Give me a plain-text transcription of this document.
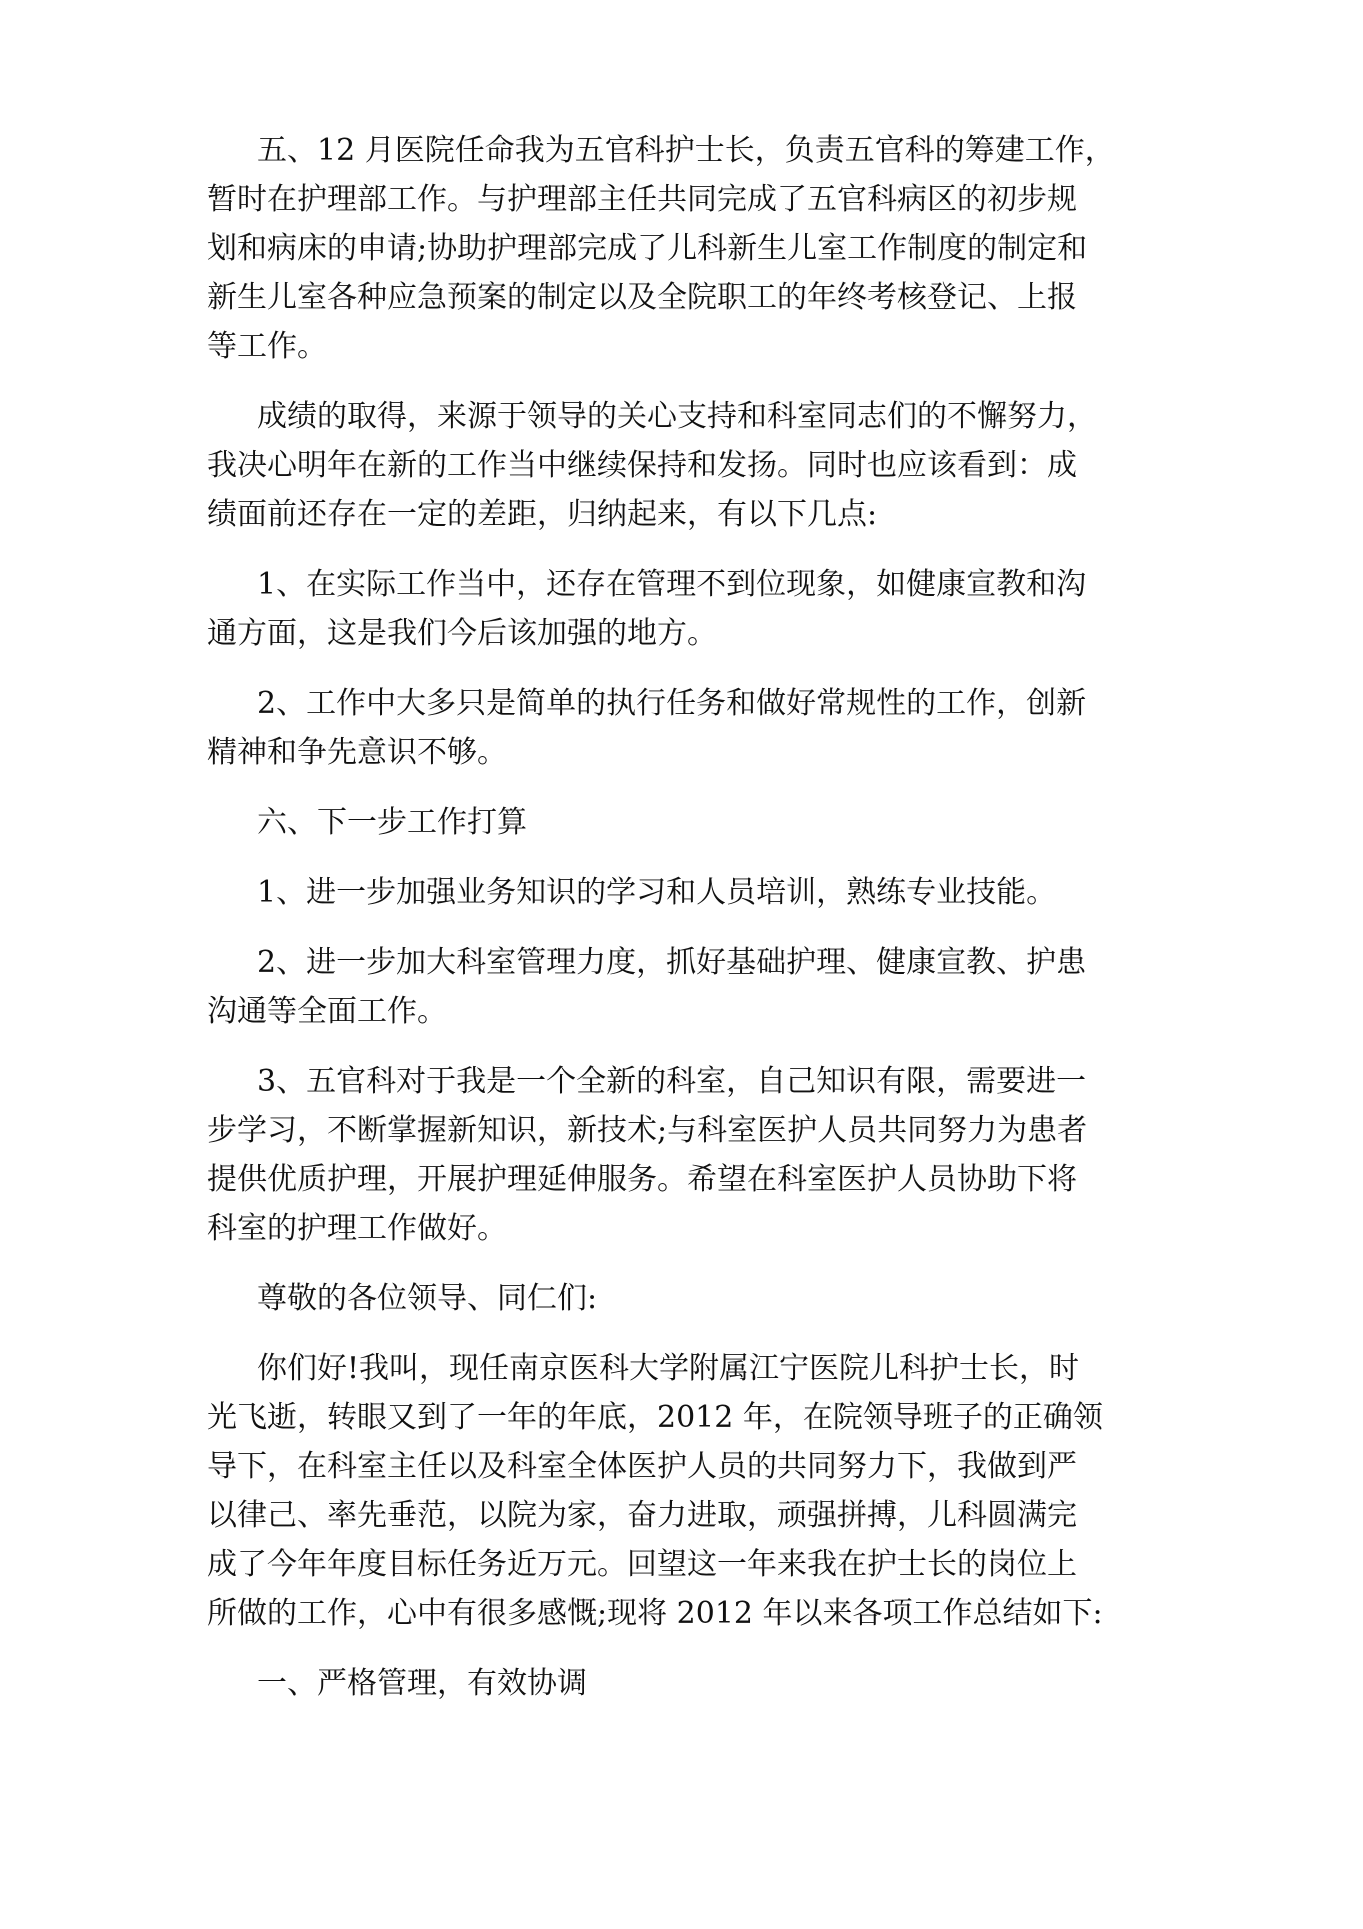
五、12 月医院任命我为五官科护士长，负责五官科的筹建工作，
暂时在护理部工作。与护理部主任共同完成了五官科病区的初步规
划和病床的申请;协助护理部完成了儿科新生儿室工作制度的制定和
新生儿室各种应急预案的制定以及全院职工的年终考核登记、上报
等工作。

成绩的取得，来源于领导的关心支持和科室同志们的不懈努力，
我决心明年在新的工作当中继续保持和发扬。同时也应该看到：成
绩面前还存在一定的差距，归纳起来，有以下几点:

1、在实际工作当中，还存在管理不到位现象，如健康宣教和沟
通方面，这是我们今后该加强的地方。

2、工作中大多只是简单的执行任务和做好常规性的工作，创新
精神和争先意识不够。

六、下一步工作打算

1、进一步加强业务知识的学习和人员培训，熟练专业技能。

2、进一步加大科室管理力度，抓好基础护理、健康宣教、护患
沟通等全面工作。

3、五官科对于我是一个全新的科室，自己知识有限，需要进一
步学习，不断掌握新知识，新技术;与科室医护人员共同努力为患者
提供优质护理，开展护理延伸服务。希望在科室医护人员协助下将
科室的护理工作做好。

尊敬的各位领导、同仁们:

你们好!我叫，现任南京医科大学附属江宁医院儿科护士长，时
光飞逝，转眼又到了一年的年底，2012 年，在院领导班子的正确领
导下，在科室主任以及科室全体医护人员的共同努力下，我做到严
以律己、率先垂范，以院为家，奋力进取，顽强拼搏，儿科圆满完
成了今年年度目标任务近万元。回望这一年来我在护士长的岗位上
所做的工作，心中有很多感慨;现将 2012 年以来各项工作总结如下:

一、严格管理，有效协调
